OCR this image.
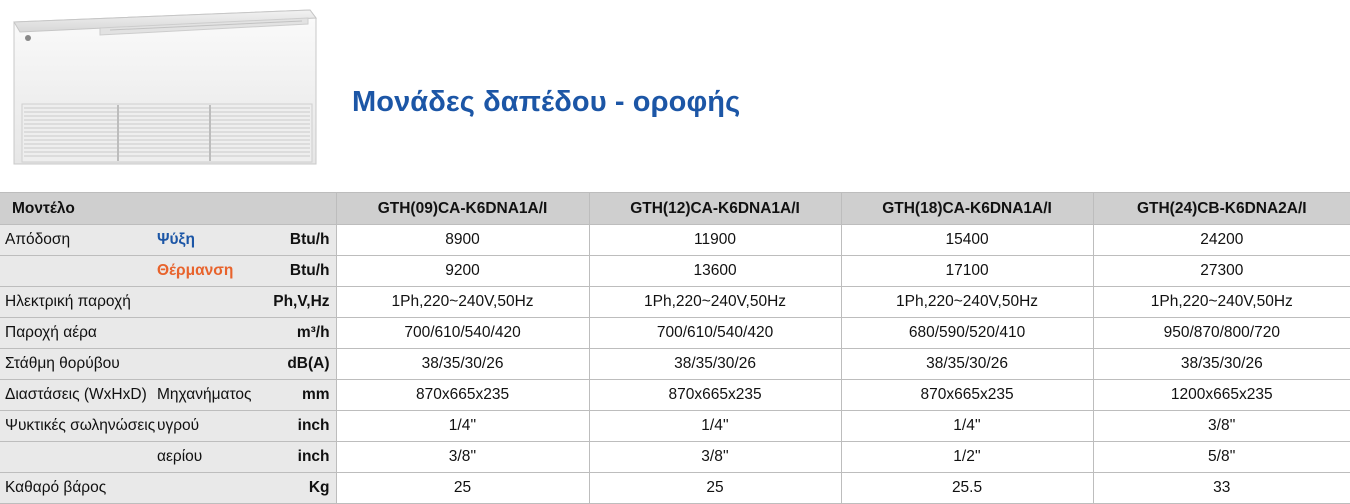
Μονάδες δαπέδου - οροφής
Μοντέλο			GTH(09)CA-K6DNA1A/I	GTH(12)CA-K6DNA1A/I	GTH(18)CA-K6DNA1A/I	GTH(24)CB-K6DNA2A/I
Απόδοση	Ψύξη	Btu/h	8900	11900	15400	24200
	Θέρμανση	Btu/h	9200	13600	17100	27300
Ηλεκτρική παροχή		Ph,V,Hz	1Ph,220~240V,50Hz	1Ph,220~240V,50Hz	1Ph,220~240V,50Hz	1Ph,220~240V,50Hz
Παροχή αέρα		m³/h	700/610/540/420	700/610/540/420	680/590/520/410	950/870/800/720
Στάθμη θορύβου		dB(A)	38/35/30/26	38/35/30/26	38/35/30/26	38/35/30/26
Διαστάσεις (WxHxD)	Μηχανήματος	mm	870x665x235	870x665x235	870x665x235	1200x665x235
Ψυκτικές σωληνώσεις	υγρού	inch	1/4''	1/4''	1/4''	3/8''
	αερίου	inch	3/8''	3/8''	1/2''	5/8''
Καθαρό βάρος		Kg	25	25	25.5	33
